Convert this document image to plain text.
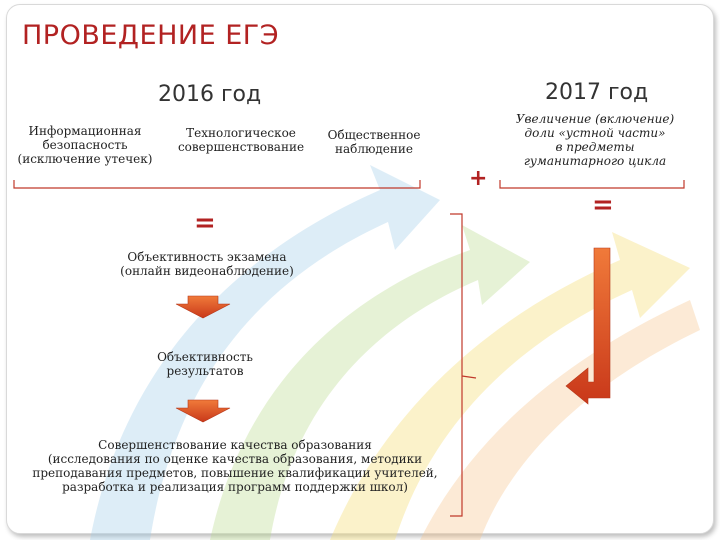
ПРОВЕДЕНИЕ ЕГЭ
2016 год	2017 год
Информационная
безопасность
(исключение утечек)
Технологическое
совершенствование
Общественное
наблюдение
Увеличение (включение)
доли «устной части»
в предметы
гуманитарного цикла
+
=
=
Объективность экзамена
(онлайн видеонаблюдение)
Объективность
результатов
Совершенствование качества образования
(исследования по оценке качества образования, методики
преподавания предметов, повышение квалификации учителей,
разработка и реализация программ поддержки школ)
